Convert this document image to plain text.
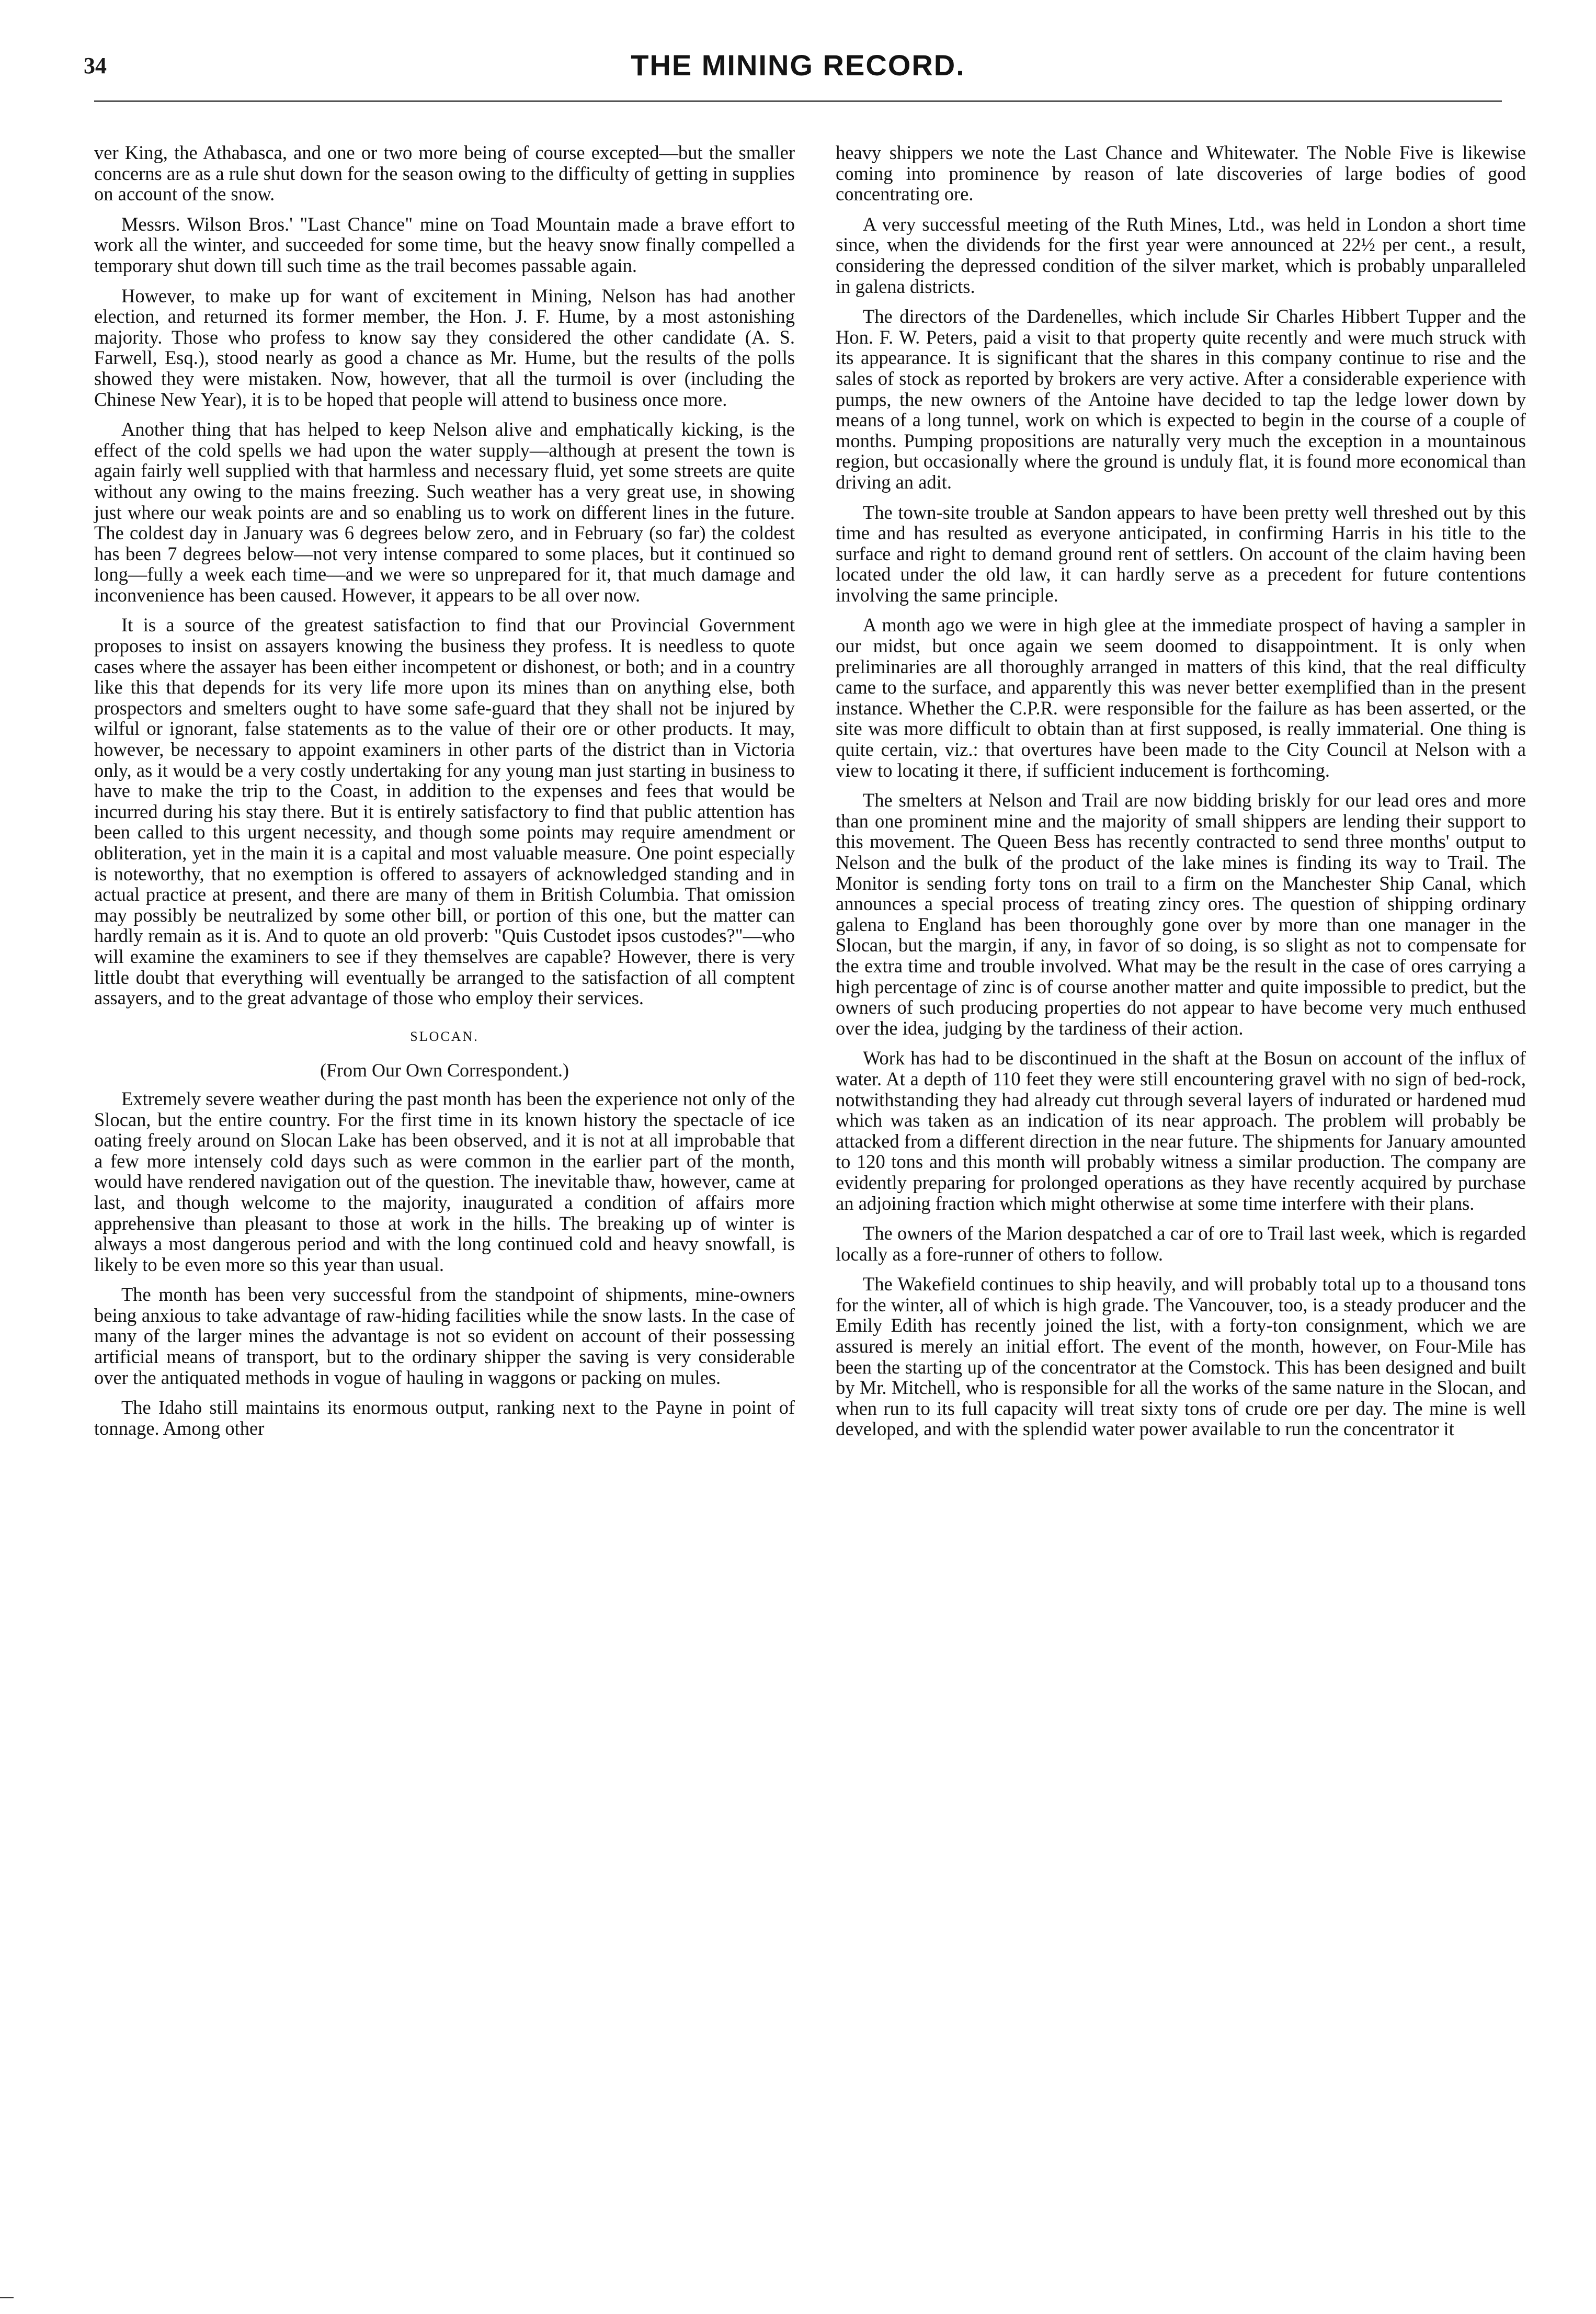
34	THE MINING RECORD.

ver King, the Athabasca, and one or two more being of course excepted—but the smaller concerns are as a rule shut down for the season owing to the difficulty of getting in supplies on account of the snow.

Messrs. Wilson Bros.' "Last Chance" mine on Toad Mountain made a brave effort to work all the winter, and succeeded for some time, but the heavy snow finally compelled a temporary shut down till such time as the trail becomes passable again.

However, to make up for want of excitement in Mining, Nelson has had another election, and returned its former member, the Hon. J. F. Hume, by a most astonishing majority. Those who profess to know say they considered the other candidate (A. S. Farwell, Esq.), stood nearly as good a chance as Mr. Hume, but the results of the polls showed they were mistaken. Now, however, that all the turmoil is over (including the Chinese New Year), it is to be hoped that people will attend to business once more.

Another thing that has helped to keep Nelson alive and emphatically kicking, is the effect of the cold spells we had upon the water supply—although at present the town is again fairly well supplied with that harmless and necessary fluid, yet some streets are quite without any owing to the mains freezing. Such weather has a very great use, in showing just where our weak points are and so enabling us to work on different lines in the future. The coldest day in January was 6 degrees below zero, and in February (so far) the coldest has been 7 degrees below—not very intense compared to some places, but it continued so long—fully a week each time—and we were so unprepared for it, that much damage and inconvenience has been caused. However, it appears to be all over now.

It is a source of the greatest satisfaction to find that our Provincial Government proposes to insist on assayers knowing the business they profess. It is needless to quote cases where the assayer has been either incompetent or dishonest, or both; and in a country like this that depends for its very life more upon its mines than on anything else, both prospectors and smelters ought to have some safe-guard that they shall not be injured by wilful or ignorant, false statements as to the value of their ore or other products. It may, however, be necessary to appoint examiners in other parts of the district than in Victoria only, as it would be a very costly undertaking for any young man just starting in business to have to make the trip to the Coast, in addition to the expenses and fees that would be incurred during his stay there. But it is entirely satisfactory to find that public attention has been called to this urgent necessity, and though some points may require amendment or obliteration, yet in the main it is a capital and most valuable measure. One point especially is noteworthy, that no exemption is offered to assayers of acknowledged standing and in actual practice at present, and there are many of them in British Columbia. That omission may possibly be neutralized by some other bill, or portion of this one, but the matter can hardly remain as it is. And to quote an old proverb: "Quis Custodet ipsos custodes?"—who will examine the examiners to see if they themselves are capable? However, there is very little doubt that everything will eventually be arranged to the satisfaction of all comptent assayers, and to the great advantage of those who employ their services.

SLOCAN.
(From Our Own Correspondent.)

Extremely severe weather during the past month has been the experience not only of the Slocan, but the entire country. For the first time in its known history the spectacle of ice oating freely around on Slocan Lake has been observed, and it is not at all improbable that a few more intensely cold days such as were common in the earlier part of the month, would have rendered navigation out of the question. The inevitable thaw, however, came at last, and though welcome to the majority, inaugurated a condition of affairs more apprehensive than pleasant to those at work in the hills. The breaking up of winter is always a most dangerous period and with the long continued cold and heavy snowfall, is likely to be even more so this year than usual.

The month has been very successful from the standpoint of shipments, mine-owners being anxious to take advantage of raw-hiding facilities while the snow lasts. In the case of many of the larger mines the advantage is not so evident on account of their possessing artificial means of transport, but to the ordinary shipper the saving is very considerable over the antiquated methods in vogue of hauling in waggons or packing on mules.

The Idaho still maintains its enormous output, ranking next to the Payne in point of tonnage. Among other

heavy shippers we note the Last Chance and Whitewater. The Noble Five is likewise coming into prominence by reason of late discoveries of large bodies of good concentrating ore.

A very successful meeting of the Ruth Mines, Ltd., was held in London a short time since, when the dividends for the first year were announced at 22½ per cent., a result, considering the depressed condition of the silver market, which is probably unparalleled in galena districts.

The directors of the Dardenelles, which include Sir Charles Hibbert Tupper and the Hon. F. W. Peters, paid a visit to that property quite recently and were much struck with its appearance. It is significant that the shares in this company continue to rise and the sales of stock as reported by brokers are very active. After a considerable experience with pumps, the new owners of the Antoine have decided to tap the ledge lower down by means of a long tunnel, work on which is expected to begin in the course of a couple of months. Pumping propositions are naturally very much the exception in a mountainous region, but occasionally where the ground is unduly flat, it is found more economical than driving an adit.

The town-site trouble at Sandon appears to have been pretty well threshed out by this time and has resulted as everyone anticipated, in confirming Harris in his title to the surface and right to demand ground rent of settlers. On account of the claim having been located under the old law, it can hardly serve as a precedent for future contentions involving the same principle.

A month ago we were in high glee at the immediate prospect of having a sampler in our midst, but once again we seem doomed to disappointment. It is only when preliminaries are all thoroughly arranged in matters of this kind, that the real difficulty came to the surface, and apparently this was never better exemplified than in the present instance. Whether the C.P.R. were responsible for the failure as has been asserted, or the site was more difficult to obtain than at first supposed, is really immaterial. One thing is quite certain, viz.: that overtures have been made to the City Council at Nelson with a view to locating it there, if sufficient inducement is forthcoming.

The smelters at Nelson and Trail are now bidding briskly for our lead ores and more than one prominent mine and the majority of small shippers are lending their support to this movement. The Queen Bess has recently contracted to send three months' output to Nelson and the bulk of the product of the lake mines is finding its way to Trail. The Monitor is sending forty tons on trail to a firm on the Manchester Ship Canal, which announces a special process of treating zincy ores. The question of shipping ordinary galena to England has been thoroughly gone over by more than one manager in the Slocan, but the margin, if any, in favor of so doing, is so slight as not to compensate for the extra time and trouble involved. What may be the result in the case of ores carrying a high percentage of zinc is of course another matter and quite impossible to predict, but the owners of such producing properties do not appear to have become very much enthused over the idea, judging by the tardiness of their action.

Work has had to be discontinued in the shaft at the Bosun on account of the influx of water. At a depth of 110 feet they were still encountering gravel with no sign of bed-rock, notwithstanding they had already cut through several layers of indurated or hardened mud which was taken as an indication of its near approach. The problem will probably be attacked from a different direction in the near future. The shipments for January amounted to 120 tons and this month will probably witness a similar production. The company are evidently preparing for prolonged operations as they have recently acquired by purchase an adjoining fraction which might otherwise at some time interfere with their plans.

The owners of the Marion despatched a car of ore to Trail last week, which is regarded locally as a fore-runner of others to follow.

The Wakefield continues to ship heavily, and will probably total up to a thousand tons for the winter, all of which is high grade. The Vancouver, too, is a steady producer and the Emily Edith has recently joined the list, with a forty-ton consignment, which we are assured is merely an initial effort. The event of the month, however, on Four-Mile has been the starting up of the concentrator at the Comstock. This has been designed and built by Mr. Mitchell, who is responsible for all the works of the same nature in the Slocan, and when run to its full capacity will treat sixty tons of crude ore per day. The mine is well developed, and with the splendid water power available to run the concentrator it
